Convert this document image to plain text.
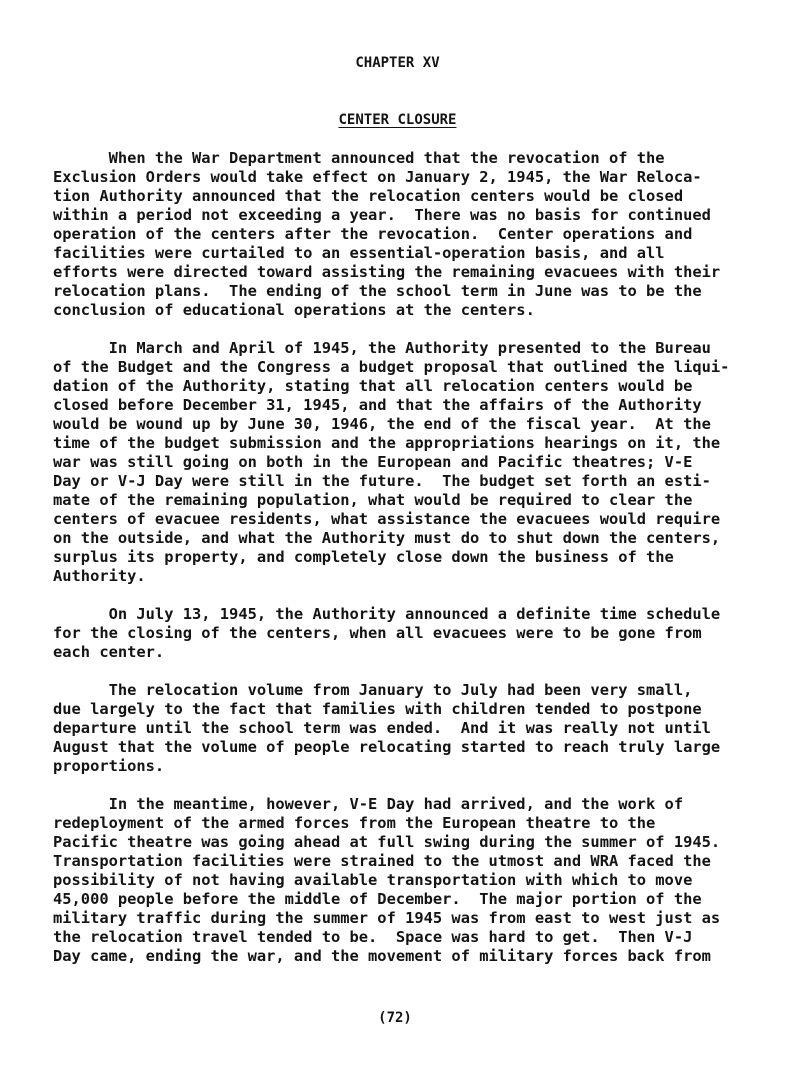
CHAPTER XV
CENTER CLOSURE
When the War Department announced that the revocation of the
Exclusion Orders would take effect on January 2, 1945, the War Reloca-
tion Authority announced that the relocation centers would be closed
within a period not exceeding a year.  There was no basis for continued
operation of the centers after the revocation.  Center operations and
facilities were curtailed to an essential-operation basis, and all
efforts were directed toward assisting the remaining evacuees with their
relocation plans.  The ending of the school term in June was to be the
conclusion of educational operations at the centers.
In March and April of 1945, the Authority presented to the Bureau
of the Budget and the Congress a budget proposal that outlined the liqui-
dation of the Authority, stating that all relocation centers would be
closed before December 31, 1945, and that the affairs of the Authority
would be wound up by June 30, 1946, the end of the fiscal year.  At the
time of the budget submission and the appropriations hearings on it, the
war was still going on both in the European and Pacific theatres; V-E
Day or V-J Day were still in the future.  The budget set forth an esti-
mate of the remaining population, what would be required to clear the
centers of evacuee residents, what assistance the evacuees would require
on the outside, and what the Authority must do to shut down the centers,
surplus its property, and completely close down the business of the
Authority.
On July 13, 1945, the Authority announced a definite time schedule
for the closing of the centers, when all evacuees were to be gone from
each center.
The relocation volume from January to July had been very small,
due largely to the fact that families with children tended to postpone
departure until the school term was ended.  And it was really not until
August that the volume of people relocating started to reach truly large
proportions.
In the meantime, however, V-E Day had arrived, and the work of
redeployment of the armed forces from the European theatre to the
Pacific theatre was going ahead at full swing during the summer of 1945.
Transportation facilities were strained to the utmost and WRA faced the
possibility of not having available transportation with which to move
45,000 people before the middle of December.  The major portion of the
military traffic during the summer of 1945 was from east to west just as
the relocation travel tended to be.  Space was hard to get.  Then V-J
Day came, ending the war, and the movement of military forces back from
(72)
